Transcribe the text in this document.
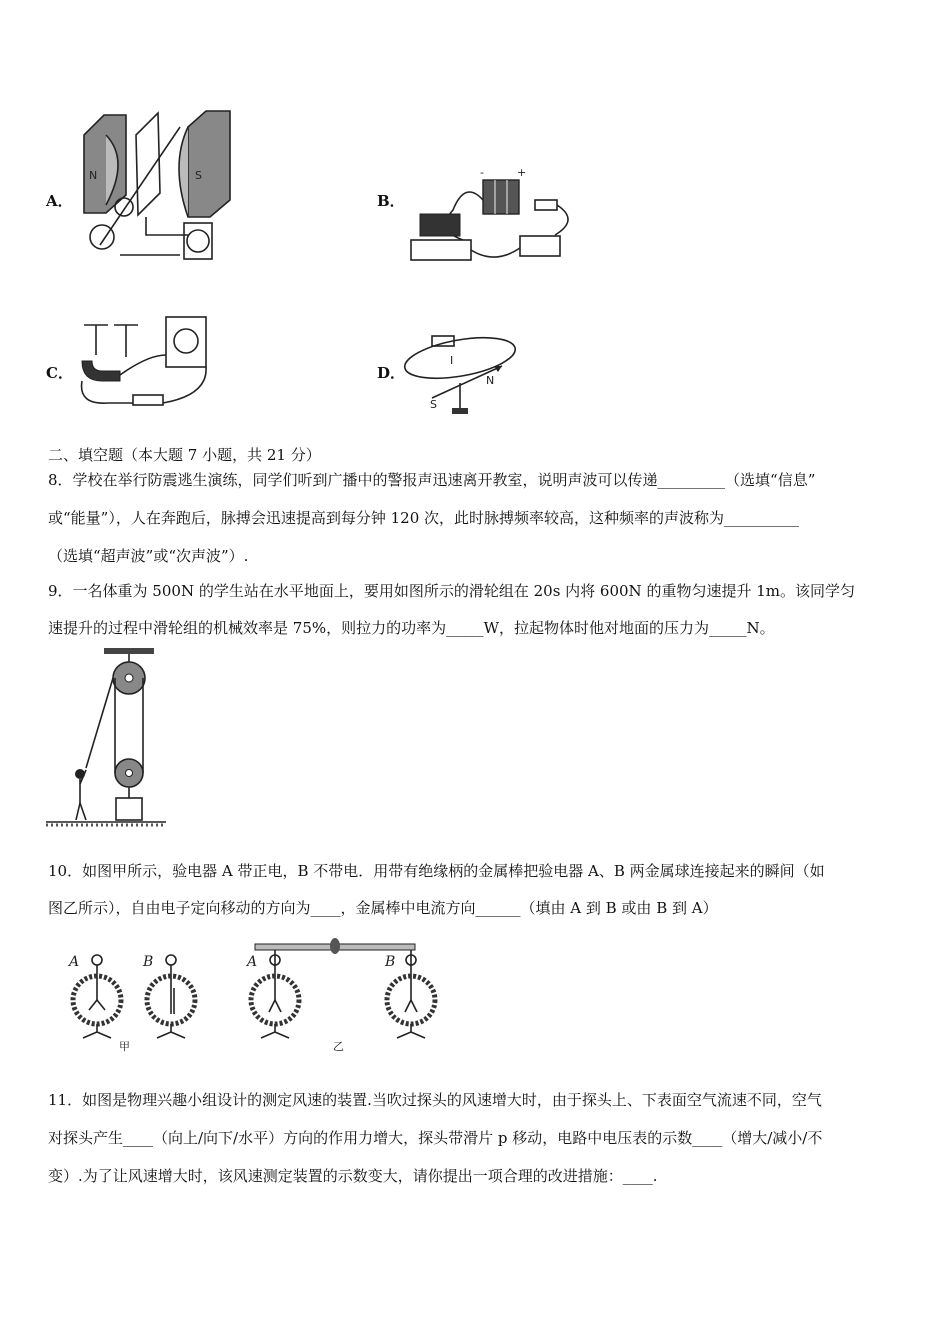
A．
N	S
B．
-	+
C．	D．
I
N
S
二、填空题（本大题 7 小题，共 21 分）
8．学校在举行防震逃生演练，同学们听到广播中的警报声迅速离开教室，说明声波可以传递_________（选填“信息”
或“能量”），人在奔跑后，脉搏会迅速提高到每分钟 120 次，此时脉搏频率较高，这种频率的声波称为__________
（选填“超声波”或“次声波”）.
9．一名体重为 500N 的学生站在水平地面上，要用如图所示的滑轮组在 20s 内将 600N 的重物匀速提升 1m。该同学匀
速提升的过程中滑轮组的机械效率是 75%，则拉力的功率为_____W，拉起物体时他对地面的压力为_____N。
10．如图甲所示，验电器 A 带正电，B 不带电．用带有绝缘柄的金属棒把验电器 A、B 两金属球连接起来的瞬间（如
图乙所示），自由电子定向移动的方向为____，金属棒中电流方向______（填由 A 到 B 或由 B 到 A）
A	B
甲
A	B
乙
11．如图是物理兴趣小组设计的测定风速的装置.当吹过探头的风速增大时，由于探头上、下表面空气流速不同，空气
对探头产生____（向上/向下/水平）方向的作用力增大，探头带滑片 p 移动，电路中电压表的示数____（增大/减小/不
变）.为了让风速增大时，该风速测定装置的示数变大，请你提出一项合理的改进措施：____.
